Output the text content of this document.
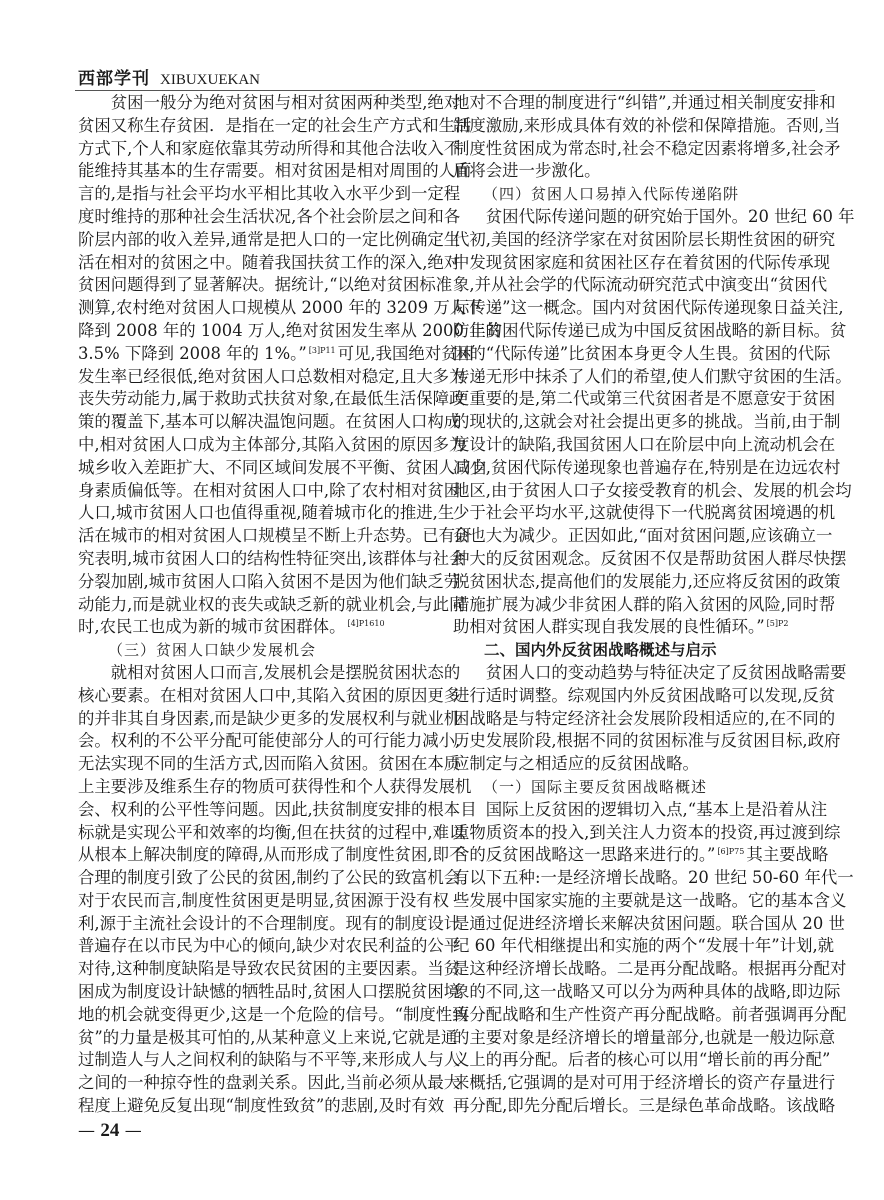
西部学刊 XIBUXUEKAN
贫困一般分为绝对贫困与相对贫困两种类型,绝对
贫困又称生存贫困．是指在一定的社会生产方式和生活
方式下,个人和家庭依靠其劳动所得和其他合法收入不
能维持其基本的生存需要。相对贫困是相对周围的人而
言的,是指与社会平均水平相比其收入水平少到一定程
度时维持的那种社会生活状况,各个社会阶层之间和各
阶层内部的收入差异,通常是把人口的一定比例确定生
活在相对的贫困之中。随着我国扶贫工作的深入,绝对
贫困问题得到了显著解决。据统计,“以绝对贫困标准
测算,农村绝对贫困人口规模从 2000 年的 3209 万人下
降到 2008 年的 1004 万人,绝对贫困发生率从 2000 年的
3.5% 下降到 2008 年的 1%。” $^{[3]P11}$ 可见,我国绝对贫困
发生率已经很低,绝对贫困人口总数相对稳定,且大多为
丧失劳动能力,属于救助式扶贫对象,在最低生活保障政
策的覆盖下,基本可以解决温饱问题。在贫困人口构成
中,相对贫困人口成为主体部分,其陷入贫困的原因多为
城乡收入差距扩大、不同区域间发展不平衡、贫困人口自
身素质偏低等。在相对贫困人口中,除了农村相对贫困
人口,城市贫困人口也值得重视,随着城市化的推进,生
活在城市的相对贫困人口规模呈不断上升态势。已有研
究表明,城市贫困人口的结构性特征突出,该群体与社会
分裂加剧,城市贫困人口陷入贫困不是因为他们缺乏劳
动能力,而是就业权的丧失或缺乏新的就业机会,与此同
时,农民工也成为新的城市贫困群体。 $^{[4]P1610}$
（三）贫困人口缺少发展机会
就相对贫困人口而言,发展机会是摆脱贫困状态的
核心要素。在相对贫困人口中,其陷入贫困的原因更多
的并非其自身因素,而是缺少更多的发展权利与就业机
会。权利的不公平分配可能使部分人的可行能力减小,
无法实现不同的生活方式,因而陷入贫困。贫困在本质
上主要涉及维系生存的物质可获得性和个人获得发展机
会、权利的公平性等问题。因此,扶贫制度安排的根本目
标就是实现公平和效率的均衡,但在扶贫的过程中,难以
从根本上解决制度的障碍,从而形成了制度性贫困,即不
合理的制度引致了公民的贫困,制约了公民的致富机会。
对于农民而言,制度性贫困更是明显,贫困源于没有权
利,源于主流社会设计的不合理制度。现有的制度设计
普遍存在以市民为中心的倾向,缺少对农民利益的公平
对待,这种制度缺陷是导致农民贫困的主要因素。当贫
困成为制度设计缺憾的牺牲品时,贫困人口摆脱贫困境
地的机会就变得更少,这是一个危险的信号。“制度性致
贫”的力量是极其可怕的,从某种意义上来说,它就是通
过制造人与人之间权利的缺陷与不平等,来形成人与人
之间的一种掠夺性的盘剥关系。因此,当前必须从最大
程度上避免反复出现“制度性致贫”的悲剧,及时有效
地对不合理的制度进行“纠错”,并通过相关制度安排和
制度激励,来形成具体有效的补偿和保障措施。否则,当
制度性贫困成为常态时,社会不稳定因素将增多,社会矛
盾将会进一步激化。
（四）贫困人口易掉入代际传递陷阱
贫困代际传递问题的研究始于国外。20 世纪 60 年
代初,美国的经济学家在对贫困阶层长期性贫困的研究
中发现贫困家庭和贫困社区存在着贫困的代际传承现
象,并从社会学的代际流动研究范式中演变出“贫困代
际传递”这一概念。国内对贫困代际传递现象日益关注,
防止贫困代际传递已成为中国反贫困战略的新目标。贫
困的“代际传递”比贫困本身更令人生畏。贫困的代际
传递无形中抹杀了人们的希望,使人们默守贫困的生活。
更重要的是,第二代或第三代贫困者是不愿意安于贫困
的现状的,这就会对社会提出更多的挑战。当前,由于制
度设计的缺陷,我国贫困人口在阶层中向上流动机会在
减少,贫困代际传递现象也普遍存在,特别是在边远农村
地区,由于贫困人口子女接受教育的机会、发展的机会均
少于社会平均水平,这就使得下一代脱离贫困境遇的机
会也大为减少。正因如此,“面对贫困问题,应该确立一
种大的反贫困观念。反贫困不仅是帮助贫困人群尽快摆
脱贫困状态,提高他们的发展能力,还应将反贫困的政策
措施扩展为减少非贫困人群的陷入贫困的风险,同时帮
助相对贫困人群实现自我发展的良性循环。” $^{[5]P2}$
二、国内外反贫困战略概述与启示
贫困人口的变动趋势与特征决定了反贫困战略需要
进行适时调整。综观国内外反贫困战略可以发现,反贫
困战略是与特定经济社会发展阶段相适应的,在不同的
历史发展阶段,根据不同的贫困标准与反贫困目标,政府
应制定与之相适应的反贫困战略。
（一）国际主要反贫困战略概述
国际上反贫困的逻辑切入点,“基本上是沿着从注
重物质资本的投入,到关注人力资本的投资,再过渡到综
合的反贫困战略这一思路来进行的。” $^{[6]P75}$ 其主要战略
有以下五种:一是经济增长战略。20 世纪 50-60 年代一
些发展中国家实施的主要就是这一战略。它的基本含义
是通过促进经济增长来解决贫困问题。联合国从 20 世
纪 60 年代相继提出和实施的两个“发展十年”计划,就
是这种经济增长战略。二是再分配战略。根据再分配对
象的不同,这一战略又可以分为两种具体的战略,即边际
再分配战略和生产性资产再分配战略。前者强调再分配
的主要对象是经济增长的增量部分,也就是一般边际意
义上的再分配。后者的核心可以用“增长前的再分配”
来概括,它强调的是对可用于经济增长的资产存量进行
再分配,即先分配后增长。三是绿色革命战略。该战略
— 24 —
